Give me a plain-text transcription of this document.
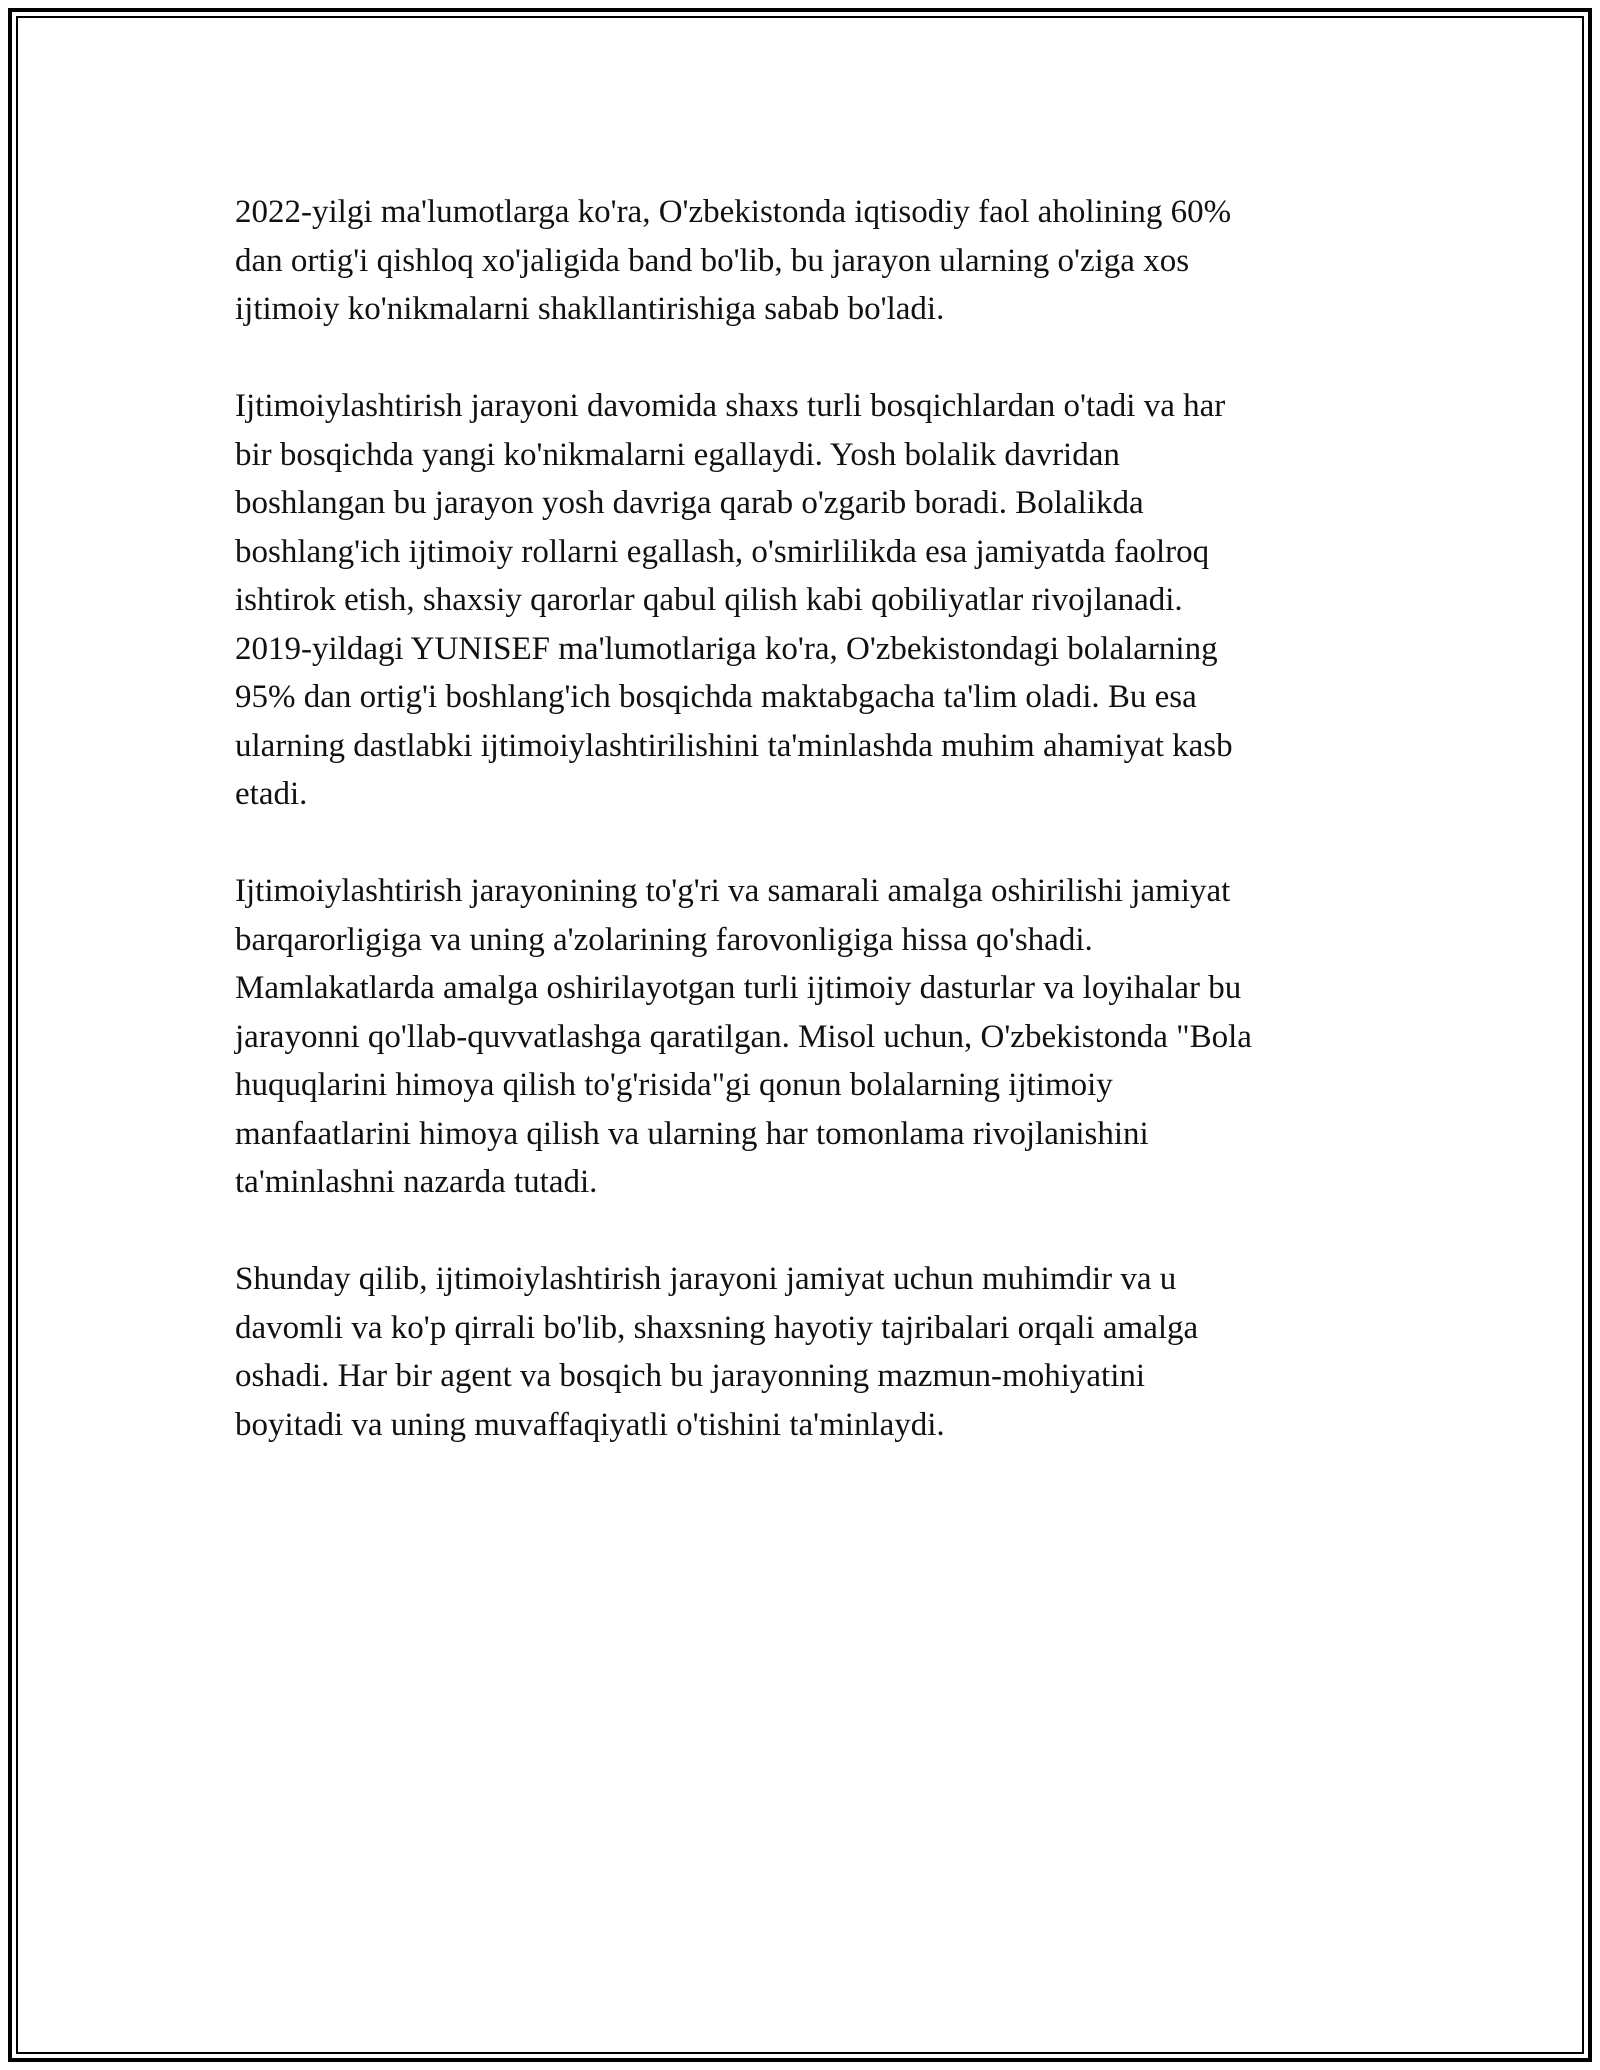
2022-yilgi ma'lumotlarga ko'ra, O'zbekistonda iqtisodiy faol aholining 60%
dan ortig'i qishloq xo'jaligida band bo'lib, bu jarayon ularning o'ziga xos
ijtimoiy ko'nikmalarni shakllantirishiga sabab bo'ladi.

Ijtimoiylashtirish jarayoni davomida shaxs turli bosqichlardan o'tadi va har
bir bosqichda yangi ko'nikmalarni egallaydi. Yosh bolalik davridan
boshlangan bu jarayon yosh davriga qarab o'zgarib boradi. Bolalikda
boshlang'ich ijtimoiy rollarni egallash, o'smirlilikda esa jamiyatda faolroq
ishtirok etish, shaxsiy qarorlar qabul qilish kabi qobiliyatlar rivojlanadi.
2019-yildagi YUNISEF ma'lumotlariga ko'ra, O'zbekistondagi bolalarning
95% dan ortig'i boshlang'ich bosqichda maktabgacha ta'lim oladi. Bu esa
ularning dastlabki ijtimoiylashtirilishini ta'minlashda muhim ahamiyat kasb
etadi.

Ijtimoiylashtirish jarayonining to'g'ri va samarali amalga oshirilishi jamiyat
barqarorligiga va uning a'zolarining farovonligiga hissa qo'shadi.
Mamlakatlarda amalga oshirilayotgan turli ijtimoiy dasturlar va loyihalar bu
jarayonni qo'llab-quvvatlashga qaratilgan. Misol uchun, O'zbekistonda "Bola
huquqlarini himoya qilish to'g'risida"gi qonun bolalarning ijtimoiy
manfaatlarini himoya qilish va ularning har tomonlama rivojlanishini
ta'minlashni nazarda tutadi.

Shunday qilib, ijtimoiylashtirish jarayoni jamiyat uchun muhimdir va u
davomli va ko'p qirrali bo'lib, shaxsning hayotiy tajribalari orqali amalga
oshadi. Har bir agent va bosqich bu jarayonning mazmun-mohiyatini
boyitadi va uning muvaffaqiyatli o'tishini ta'minlaydi.
